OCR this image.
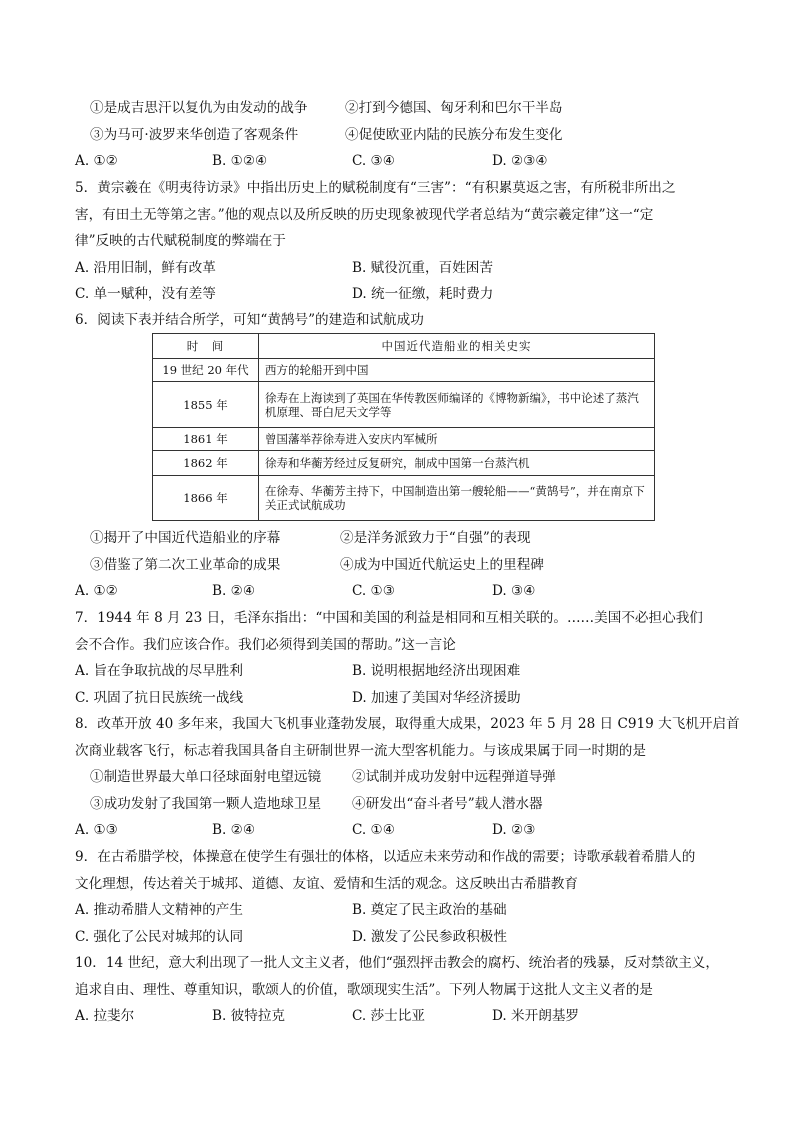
①是成吉思汗以复仇为由发动的战争	②打到今德国、匈牙利和巴尔干半岛
③为马可·波罗来华创造了客观条件	④促使欧亚内陆的民族分布发生变化
A. ①②	B. ①②④	C. ③④	D. ②③④
5．黄宗羲在《明夷待访录》中指出历史上的赋税制度有“三害”：“有积累莫返之害，有所税非所出之
害，有田土无等第之害。”他的观点以及所反映的历史现象被现代学者总结为“黄宗羲定律”这一“定
律”反映的古代赋税制度的弊端在于
A. 沿用旧制，鲜有改革	B. 赋役沉重，百姓困苦
C. 单一赋种，没有差等	D. 统一征缴，耗时费力
6．阅读下表并结合所学，可知“黄鹄号”的建造和试航成功
时　间	中国近代造船业的相关史实
19 世纪 20 年代	西方的轮船开到中国
1855 年	徐寿在上海读到了英国在华传教医师编译的《博物新编》，书中论述了蒸汽机原理、哥白尼天文学等
1861 年	曾国藩举荐徐寿进入安庆内军械所
1862 年	徐寿和华蘅芳经过反复研究，制成中国第一台蒸汽机
1866 年	在徐寿、华蘅芳主持下，中国制造出第一艘轮船——“黄鹄号”，并在南京下关正式试航成功
①揭开了中国近代造船业的序幕	②是洋务派致力于“自强”的表现
③借鉴了第二次工业革命的成果	④成为中国近代航运史上的里程碑
A. ①②	B. ②④	C. ①③	D. ③④
7．1944 年 8 月 23 日，毛泽东指出：“中国和美国的利益是相同和互相关联的。……美国不必担心我们
会不合作。我们应该合作。我们必须得到美国的帮助。”这一言论
A. 旨在争取抗战的尽早胜利	B. 说明根据地经济出现困难
C. 巩固了抗日民族统一战线	D. 加速了美国对华经济援助
8．改革开放 40 多年来，我国大飞机事业蓬勃发展，取得重大成果，2023 年 5 月 28 日 C919 大飞机开启首
次商业载客飞行，标志着我国具备自主研制世界一流大型客机能力。与该成果属于同一时期的是
①制造世界最大单口径球面射电望远镜 ②试制并成功发射中远程弹道导弹
③成功发射了我国第一颗人造地球卫星 ④研发出“奋斗者号”载人潜水器
A. ①③	B. ②④	C. ①④	D. ②③
9．在古希腊学校，体操意在使学生有强壮的体格，以适应未来劳动和作战的需要；诗歌承载着希腊人的
文化理想，传达着关于城邦、道德、友谊、爱情和生活的观念。这反映出古希腊教育
A. 推动希腊人文精神的产生	B. 奠定了民主政治的基础
C. 强化了公民对城邦的认同	D. 激发了公民参政积极性
10．14 世纪，意大利出现了一批人文主义者，他们“强烈抨击教会的腐朽、统治者的残暴，反对禁欲主义，
追求自由、理性、尊重知识，歌颂人的价值，歌颂现实生活”。下列人物属于这批人文主义者的是
A. 拉斐尔	B. 彼特拉克	C. 莎士比亚	D. 米开朗基罗
